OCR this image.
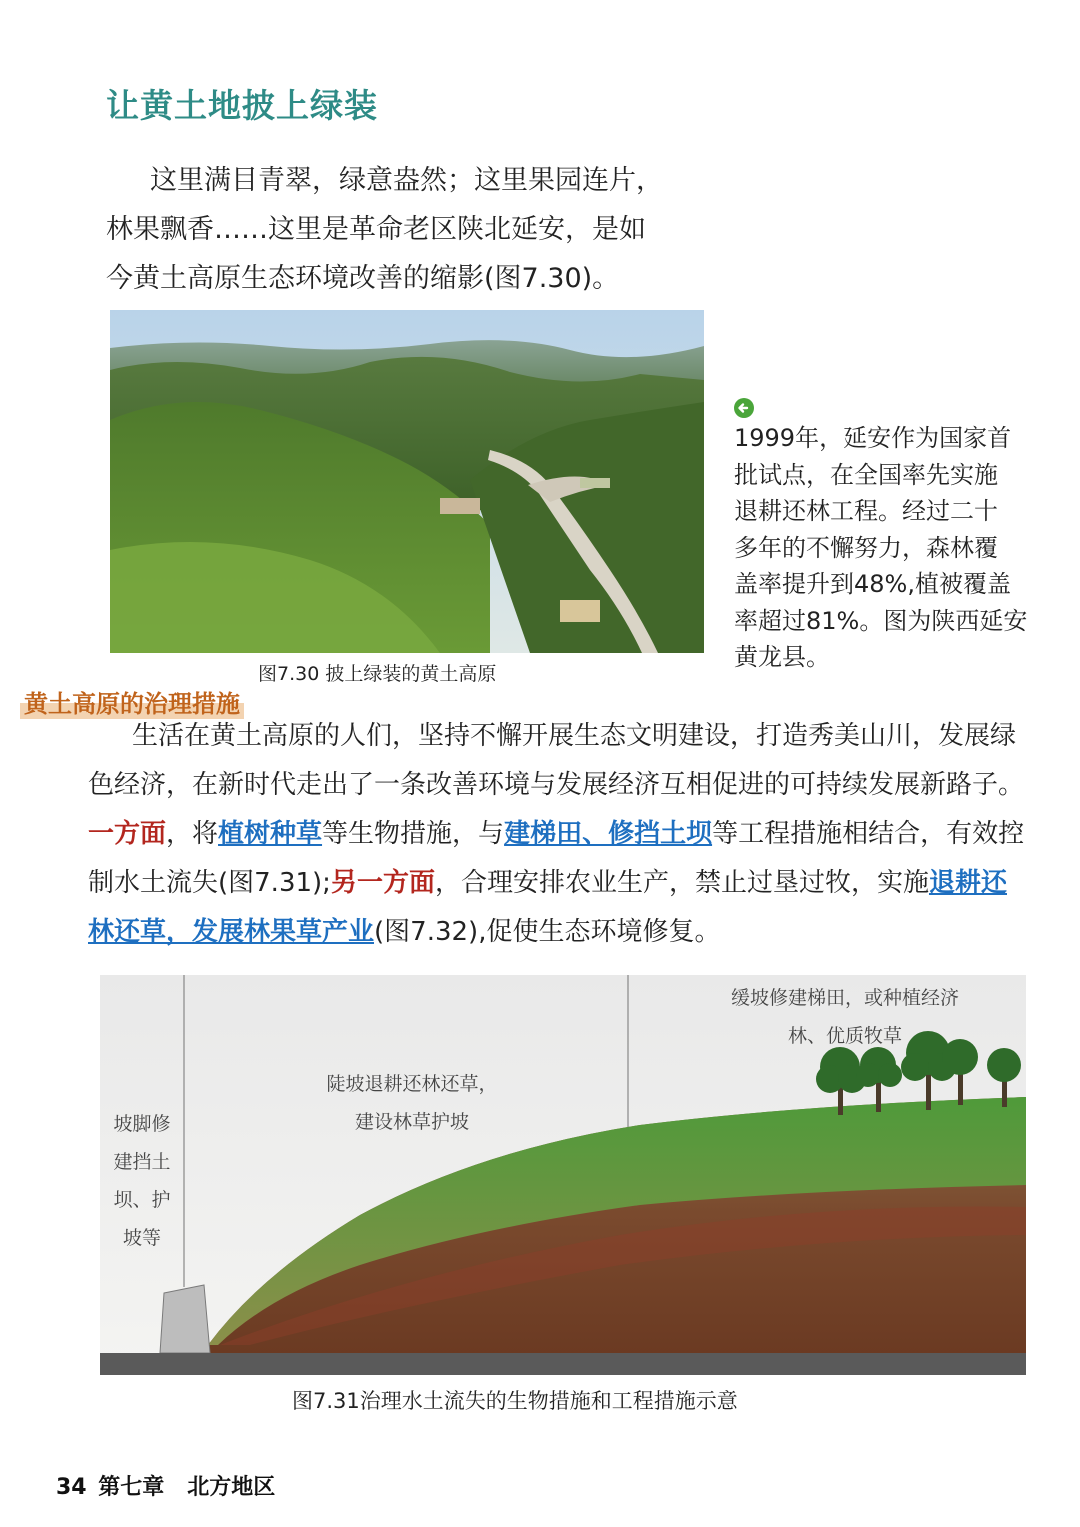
让黄土地披上绿装
这里满目青翠，绿意盎然；这里果园连片，
林果飘香……这里是革命老区陕北延安，是如
今黄土高原生态环境改善的缩影(图7.30)。
图7.30 披上绿装的黄土高原
1999年，延安作为国家首
批试点，在全国率先实施
退耕还林工程。经过二十
多年的不懈努力，森林覆
盖率提升到48%,植被覆盖
率超过81%。图为陕西延安
黄龙县。
黄土高原的治理措施

生活在黄土高原的人们，坚持不懈开展生态文明建设，打造秀美山川，发展绿色经济，在新时代走出了一条改善环境与发展经济互相促进的可持续发展新路子。一方面，将植树种草等生物措施，与建梯田、修挡土坝等工程措施相结合，有效控制水土流失(图7.31);另一方面，合理安排农业生产，禁止过垦过牧，实施退耕还林还草，发展林果草产业(图7.32),促使生态环境修复。

坡脚修
建挡土
坝、护
坡等
陡坡退耕还林还草，
建设林草护坡
缓坡修建梯田，或种植经济
林、优质牧草
图7.31治理水土流失的生物措施和工程措施示意
34 第七章   北方地区
